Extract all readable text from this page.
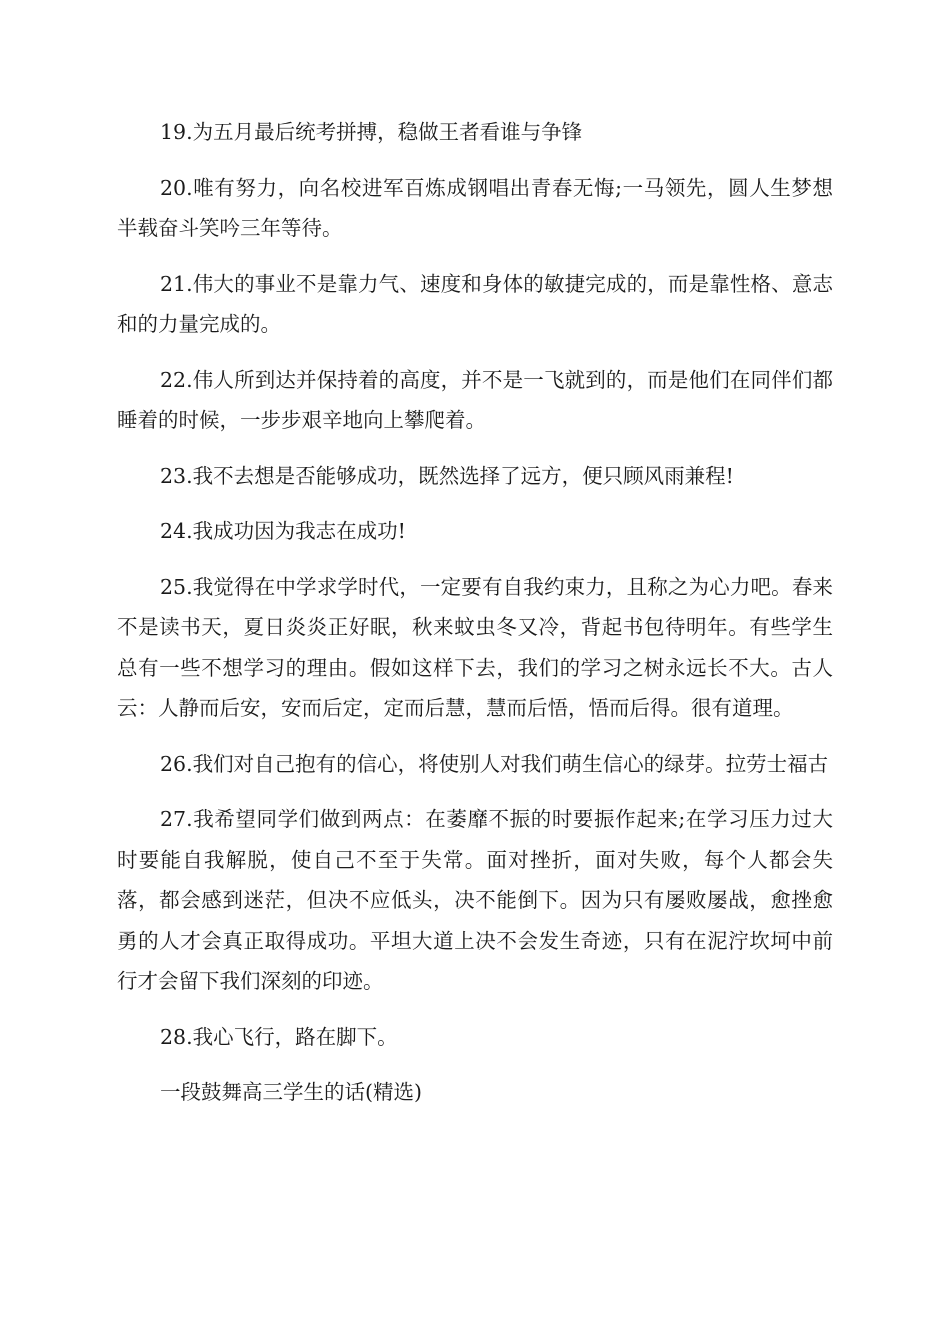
19.为五月最后统考拼搏，稳做王者看谁与争锋

20.唯有努力，向名校进军百炼成钢唱出青春无悔;一马领先，圆人生梦想半载奋斗笑吟三年等待。

21.伟大的事业不是靠力气、速度和身体的敏捷完成的，而是靠性格、意志和的力量完成的。

22.伟人所到达并保持着的高度，并不是一飞就到的，而是他们在同伴们都睡着的时候，一步步艰辛地向上攀爬着。

23.我不去想是否能够成功，既然选择了远方，便只顾风雨兼程!

24.我成功因为我志在成功!

25.我觉得在中学求学时代，一定要有自我约束力，且称之为心力吧。春来不是读书天，夏日炎炎正好眠，秋来蚊虫冬又冷，背起书包待明年。有些学生总有一些不想学习的理由。假如这样下去，我们的学习之树永远长不大。古人云：人静而后安，安而后定，定而后慧，慧而后悟，悟而后得。很有道理。

26.我们对自己抱有的信心，将使别人对我们萌生信心的绿芽。拉劳士福古

27.我希望同学们做到两点：在萎靡不振的时要振作起来;在学习压力过大时要能自我解脱，使自己不至于失常。面对挫折，面对失败，每个人都会失落，都会感到迷茫，但决不应低头，决不能倒下。因为只有屡败屡战，愈挫愈勇的人才会真正取得成功。平坦大道上决不会发生奇迹，只有在泥泞坎坷中前行才会留下我们深刻的印迹。

28.我心飞行，路在脚下。

一段鼓舞高三学生的话(精选)
